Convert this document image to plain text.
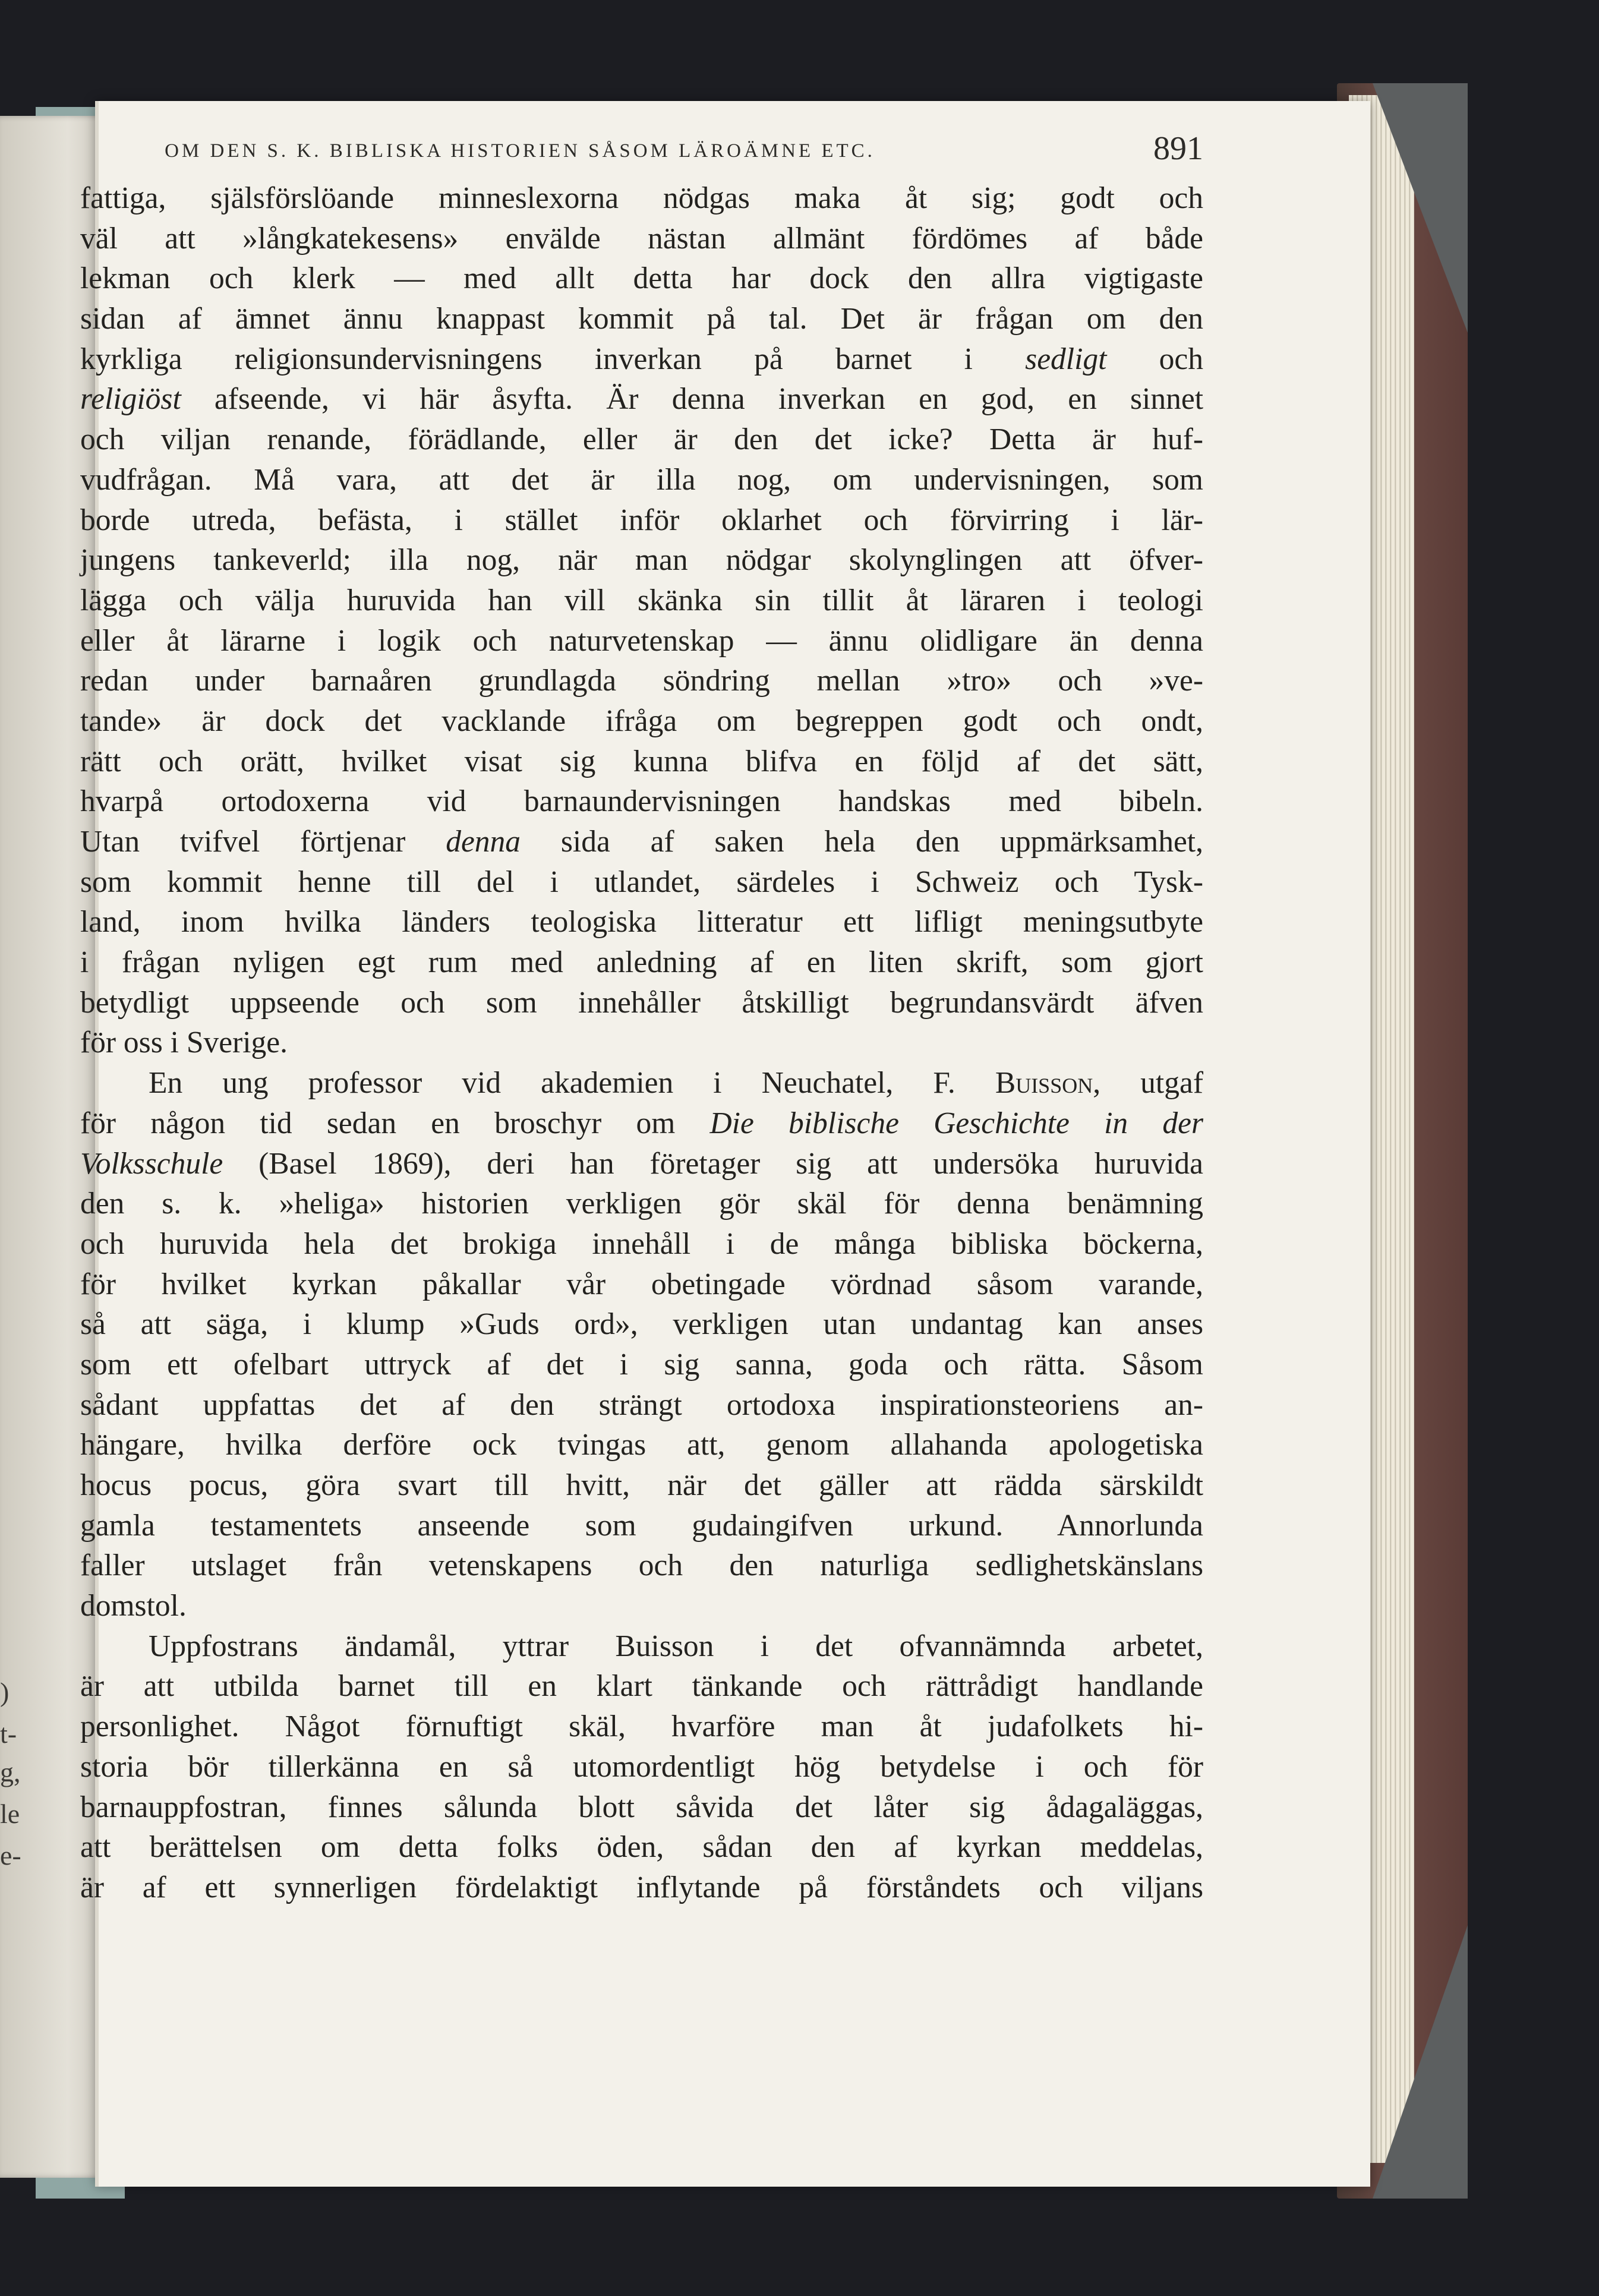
)
t-
g,
le
e-
OM DEN S. K. BIBLISKA HISTORIEN SÅSOM LÄROÄMNE ETC.	891
fattiga, själsförslöande minneslexorna nödgas maka åt sig; godt och
väl att »långkatekesens» envälde nästan allmänt fördömes af både
lekman och klerk — med allt detta har dock den allra vigtigaste
sidan af ämnet ännu knappast kommit på tal. Det är frågan om den
kyrkliga religionsundervisningens inverkan på barnet i sedligt och
religiöst afseende, vi här åsyfta. Är denna inverkan en god, en sinnet
och viljan renande, förädlande, eller är den det icke? Detta är huf-
vudfrågan. Må vara, att det är illa nog, om undervisningen, som
borde utreda, befästa, i stället inför oklarhet och förvirring i lär-
jungens tankeverld; illa nog, när man nödgar skolynglingen att öfver-
lägga och välja huruvida han vill skänka sin tillit åt läraren i teologi
eller åt lärarne i logik och naturvetenskap — ännu olidligare än denna
redan under barnaåren grundlagda söndring mellan »tro» och »ve-
tande» är dock det vacklande ifråga om begreppen godt och ondt,
rätt och orätt, hvilket visat sig kunna blifva en följd af det sätt,
hvarpå ortodoxerna vid barnaundervisningen handskas med bibeln.
Utan tvifvel förtjenar denna sida af saken hela den uppmärksamhet,
som kommit henne till del i utlandet, särdeles i Schweiz och Tysk-
land, inom hvilka länders teologiska litteratur ett lifligt meningsutbyte
i frågan nyligen egt rum med anledning af en liten skrift, som gjort
betydligt uppseende och som innehåller åtskilligt begrundansvärdt äfven
för oss i Sverige.
En ung professor vid akademien i Neuchatel, F. Buisson, utgaf
för någon tid sedan en broschyr om Die biblische Geschichte in der
Volksschule (Basel 1869), deri han företager sig att undersöka huruvida
den s. k. »heliga» historien verkligen gör skäl för denna benämning
och huruvida hela det brokiga innehåll i de många bibliska böckerna,
för hvilket kyrkan påkallar vår obetingade vördnad såsom varande,
så att säga, i klump »Guds ord», verkligen utan undantag kan anses
som ett ofelbart uttryck af det i sig sanna, goda och rätta. Såsom
sådant uppfattas det af den strängt ortodoxa inspirationsteoriens an-
hängare, hvilka derföre ock tvingas att, genom allahanda apologetiska
hocus pocus, göra svart till hvitt, när det gäller att rädda särskildt
gamla testamentets anseende som gudaingifven urkund. Annorlunda
faller utslaget från vetenskapens och den naturliga sedlighetskänslans
domstol.
Uppfostrans ändamål, yttrar Buisson i det ofvannämnda arbetet,
är att utbilda barnet till en klart tänkande och rättrådigt handlande
personlighet. Något förnuftigt skäl, hvarföre man åt judafolkets hi-
storia bör tillerkänna en så utomordentligt hög betydelse i och för
barnauppfostran, finnes sålunda blott såvida det låter sig ådagaläggas,
att berättelsen om detta folks öden, sådan den af kyrkan meddelas,
är af ett synnerligen fördelaktigt inflytande på förståndets och viljans
